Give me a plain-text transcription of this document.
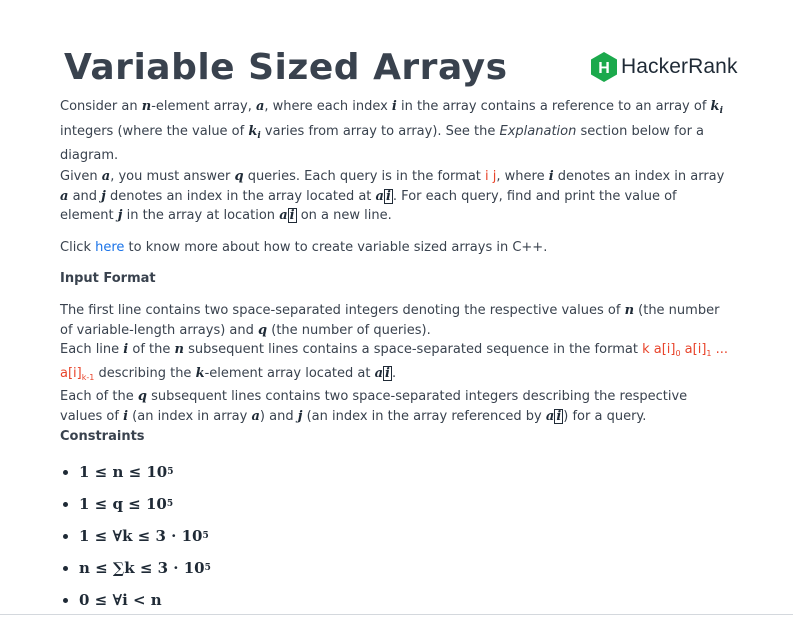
Variable Sized Arrays	H HackerRank

Consider an n-element array, a, where each index i in the array contains a reference to an array of $k_i$ integers (where the value of $k_i$ varies from array to array). See the Explanation section below for a diagram.

Given a, you must answer q queries. Each query is in the format i j, where i denotes an index in array a and j denotes an index in the array located at a i . For each query, find and print the value of element j in the array at location a i on a new line.

Click here to know more about how to create variable sized arrays in C++.

Input Format

The first line contains two space-separated integers denoting the respective values of n (the number of variable-length arrays) and q (the number of queries).
Each line i of the n subsequent lines contains a space-separated sequence in the format k $a[i]_0$ $a[i]_1$ ... $a[i]_{k-1}$ describing the k-element array located at a i .
Each of the q subsequent lines contains two space-separated integers describing the respective values of i (an index in array a) and j (an index in the array referenced by a i ) for a query.

Constraints
1 ≤ n ≤ 10 5
1 ≤ q ≤ 10 5
1 ≤ ∀k ≤ 3 · 10 5
n ≤ ∑k ≤ 3 · 10 5
0 ≤ ∀i < n
